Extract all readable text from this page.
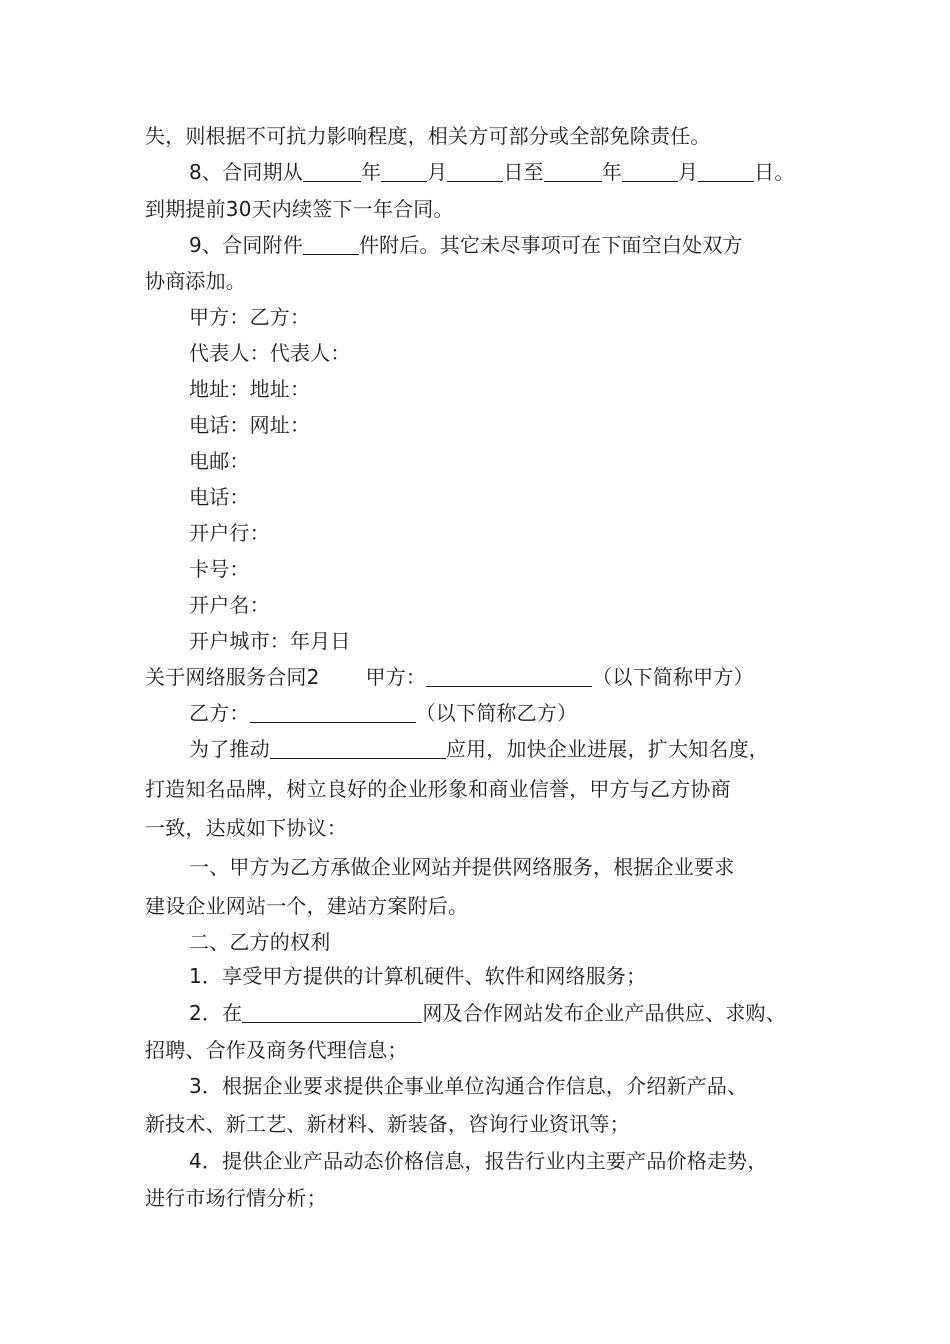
失，则根据不可抗力影响程度，相关方可部分或全部免除责任。
8、合同期从	年 月	日至	年	月	日。
到期提前30天内续签下一年合同。
9、合同附件	件附后。其它未尽事项可在下面空白处双方
协商添加。
甲方：乙方：
代表人：代表人：
地址：地址：
电话：网址：
电邮：
电话：
开户行：
卡号：
开户名：
开户城市：年月日
关于网络服务合同2 甲方：	（以下简称甲方）
乙方：	（以下简称乙方）
为了推动	应用，加快企业进展，扩大知名度，
打造知名品牌，树立良好的企业形象和商业信誉，甲方与乙方协商
一致，达成如下协议：
一、甲方为乙方承做企业网站并提供网络服务，根据企业要求
建设企业网站一个，建站方案附后。
二、乙方的权利
1．享受甲方提供的计算机硬件、软件和网络服务；
2．在	网及合作网站发布企业产品供应、求购、
招聘、合作及商务代理信息；
3．根据企业要求提供企事业单位沟通合作信息，介绍新产品、
新技术、新工艺、新材料、新装备，咨询行业资讯等；
4．提供企业产品动态价格信息，报告行业内主要产品价格走势，
进行市场行情分析；
